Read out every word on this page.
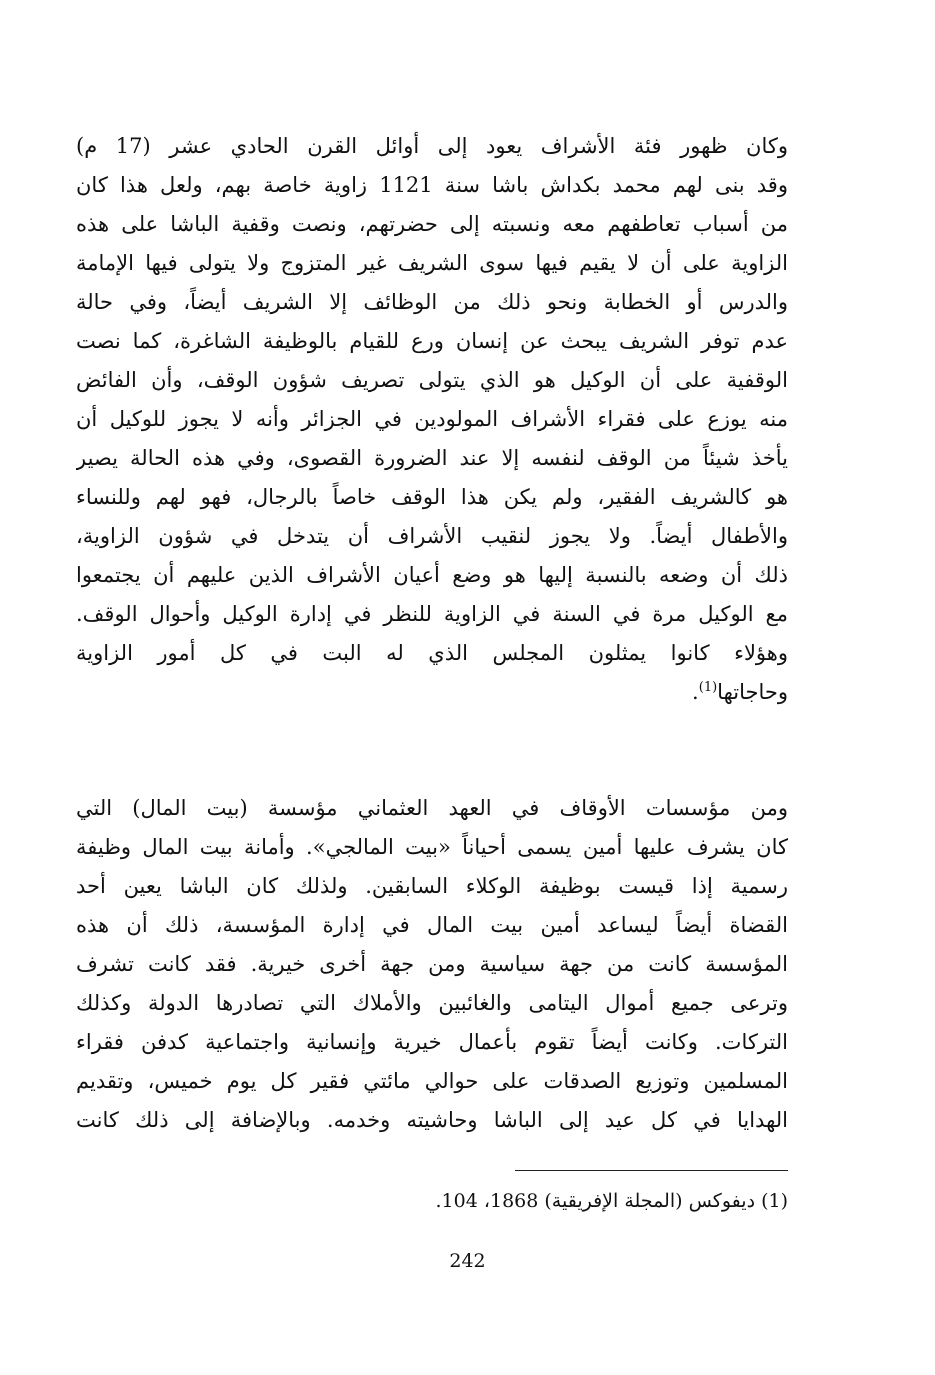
وكان ظهور فئة الأشراف يعود إلى أوائل القرن الحادي عشر (17 م)
وقد بنى لهم محمد بكداش باشا سنة 1121 زاوية خاصة بهم، ولعل هذا كان
من أسباب تعاطفهم معه ونسبته إلى حضرتهم، ونصت وقفية الباشا على هذه
الزاوية على أن لا يقيم فيها سوى الشريف غير المتزوج ولا يتولى فيها الإمامة
والدرس أو الخطابة ونحو ذلك من الوظائف إلا الشريف أيضاً، وفي حالة
عدم توفر الشريف يبحث عن إنسان ورع للقيام بالوظيفة الشاغرة، كما نصت
الوقفية على أن الوكيل هو الذي يتولى تصريف شؤون الوقف، وأن الفائض
منه يوزع على فقراء الأشراف المولودين في الجزائر وأنه لا يجوز للوكيل أن
يأخذ شيئاً من الوقف لنفسه إلا عند الضرورة القصوى، وفي هذه الحالة يصير
هو كالشريف الفقير، ولم يكن هذا الوقف خاصاً بالرجال، فهو لهم وللنساء
والأطفال أيضاً. ولا يجوز لنقيب الأشراف أن يتدخل في شؤون الزاوية،
ذلك أن وضعه بالنسبة إليها هو وضع أعيان الأشراف الذين عليهم أن يجتمعوا
مع الوكيل مرة في السنة في الزاوية للنظر في إدارة الوكيل وأحوال الوقف.
وهؤلاء كانوا يمثلون المجلس الذي له البت في كل أمور الزاوية
وحاجاتها$^{(1)}$.
ومن مؤسسات الأوقاف في العهد العثماني مؤسسة (بيت المال) التي
كان يشرف عليها أمين يسمى أحياناً «بيت المالجي». وأمانة بيت المال وظيفة
رسمية إذا قيست بوظيفة الوكلاء السابقين. ولذلك كان الباشا يعين أحد
القضاة أيضاً ليساعد أمين بيت المال في إدارة المؤسسة، ذلك أن هذه
المؤسسة كانت من جهة سياسية ومن جهة أخرى خيرية. فقد كانت تشرف
وترعى جميع أموال اليتامى والغائبين والأملاك التي تصادرها الدولة وكذلك
التركات. وكانت أيضاً تقوم بأعمال خيرية وإنسانية واجتماعية كدفن فقراء
المسلمين وتوزيع الصدقات على حوالي مائتي فقير كل يوم خميس، وتقديم
الهدايا في كل عيد إلى الباشا وحاشيته وخدمه. وبالإضافة إلى ذلك كانت
(1) ديفوكس (المجلة الإفريقية) 1868، 104.
242
